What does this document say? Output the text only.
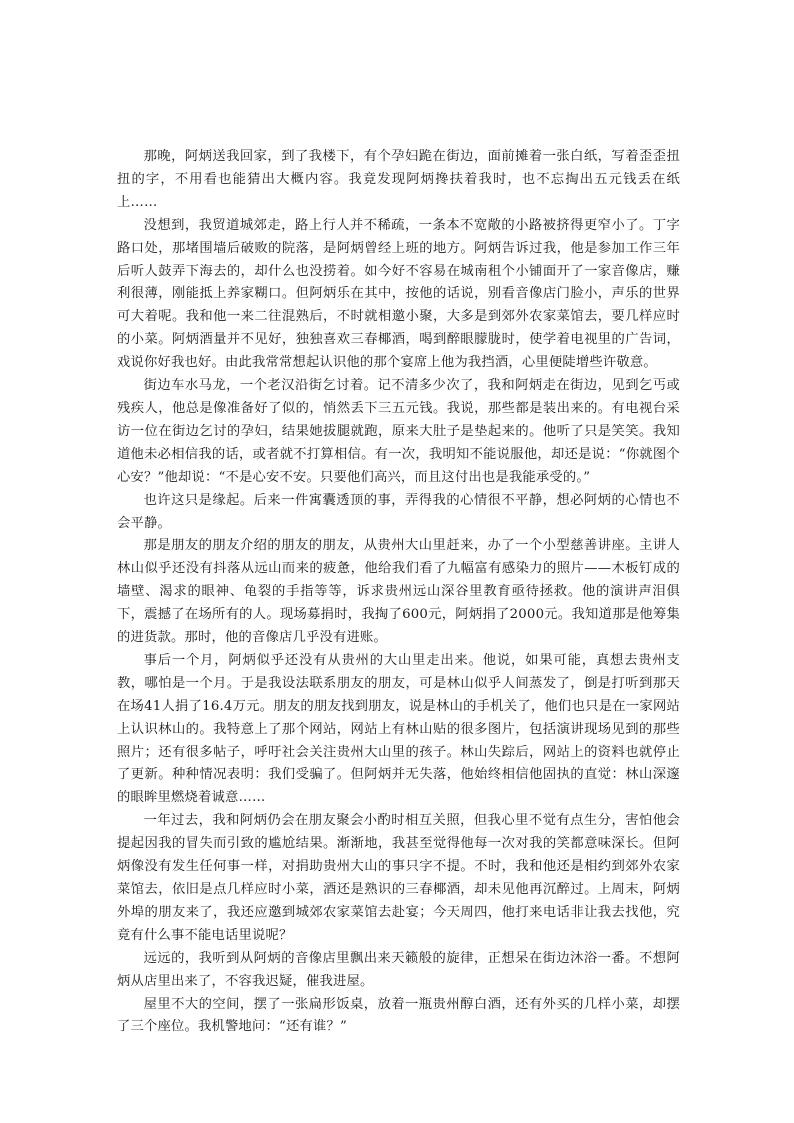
那晚，阿炳送我回家，到了我楼下，有个孕妇跪在街边，面前摊着一张白纸，写着歪歪扭扭的字，不用看也能猜出大概内容。我竟发现阿炳搀扶着我时，也不忘掏出五元钱丢在纸上……

没想到，我贸道城郊走，路上行人并不稀疏，一条本不宽敞的小路被挤得更窄小了。丁字路口处，那堵围墙后破败的院落，是阿炳曾经上班的地方。阿炳告诉过我，他是参加工作三年后听人鼓弄下海去的，却什么也没捞着。如今好不容易在城南租个小铺面开了一家音像店，赚利很薄，刚能抵上养家糊口。但阿炳乐在其中，按他的话说，别看音像店门脸小，声乐的世界可大着呢。我和他一来二往混熟后，不时就相邀小聚，大多是到郊外农家菜馆去，要几样应时的小菜。阿炳酒量并不见好，独独喜欢三春椰酒，喝到醉眼朦胧时，使学着电视里的广告词，戏说你好我也好。由此我常常想起认识他的那个宴席上他为我挡酒，心里便陡增些许敬意。

街边车水马龙，一个老汉沿街乞讨着。记不清多少次了，我和阿炳走在街边，见到乞丐或残疾人，他总是像准备好了似的，悄然丢下三五元钱。我说，那些都是装出来的。有电视台采访一位在街边乞讨的孕妇，结果她拔腿就跑，原来大肚子是垫起来的。他听了只是笑笑。我知道他未必相信我的话，或者就不打算相信。有一次，我明知不能说服他，却还是说：“你就图个心安？”他却说：“不是心安不安。只要他们高兴，而且这付出也是我能承受的。”

也许这只是缘起。后来一件寓囊透顶的事，弄得我的心情很不平静，想必阿炳的心情也不会平静。

那是朋友的朋友介绍的朋友的朋友，从贵州大山里赶来，办了一个小型慈善讲座。主讲人林山似乎还没有抖落从远山而来的疲惫，他给我们看了九幅富有感染力的照片——木板钉成的墙壁、渴求的眼神、龟裂的手指等等，诉求贵州远山深谷里教育亟待拯救。他的演讲声泪俱下，震撼了在场所有的人。现场募捐时，我掏了600元，阿炳捐了2000元。我知道那是他筹集的进货款。那时，他的音像店几乎没有进账。

事后一个月，阿炳似乎还没有从贵州的大山里走出来。他说，如果可能，真想去贵州支教，哪怕是一个月。于是我设法联系朋友的朋友，可是林山似乎人间蒸发了，倒是打听到那天在场41人捐了16.4万元。朋友的朋友找到朋友，说是林山的手机关了，他们也只是在一家网站上认识林山的。我特意上了那个网站，网站上有林山贴的很多图片，包括演讲现场见到的那些照片；还有很多帖子，呼吁社会关注贵州大山里的孩子。林山失踪后，网站上的资料也就停止了更新。种种情况表明：我们受骗了。但阿炳并无失落，他始终相信他固执的直觉：林山深邃的眼眸里燃烧着诚意……

一年过去，我和阿炳仍会在朋友聚会小酌时相互关照，但我心里不觉有点生分，害怕他会提起因我的冒失而引致的尴尬结果。渐渐地，我甚至觉得他每一次对我的笑都意味深长。但阿炳像没有发生任何事一样，对捐助贵州大山的事只字不提。不时，我和他还是相约到郊外农家菜馆去，依旧是点几样应时小菜，酒还是熟识的三春椰酒，却未见他再沉醉过。上周末，阿炳外埠的朋友来了，我还应邀到城郊农家菜馆去赴宴；今天周四，他打来电话非让我去找他，究竟有什么事不能电话里说呢？

远远的，我听到从阿炳的音像店里飘出来天籁般的旋律，正想呆在街边沐浴一番。不想阿炳从店里出来了，不容我迟疑，催我进屋。

屋里不大的空间，摆了一张扁形饭桌，放着一瓶贵州醇白酒，还有外买的几样小菜，却摆了三个座位。我机警地问：“还有谁？”
